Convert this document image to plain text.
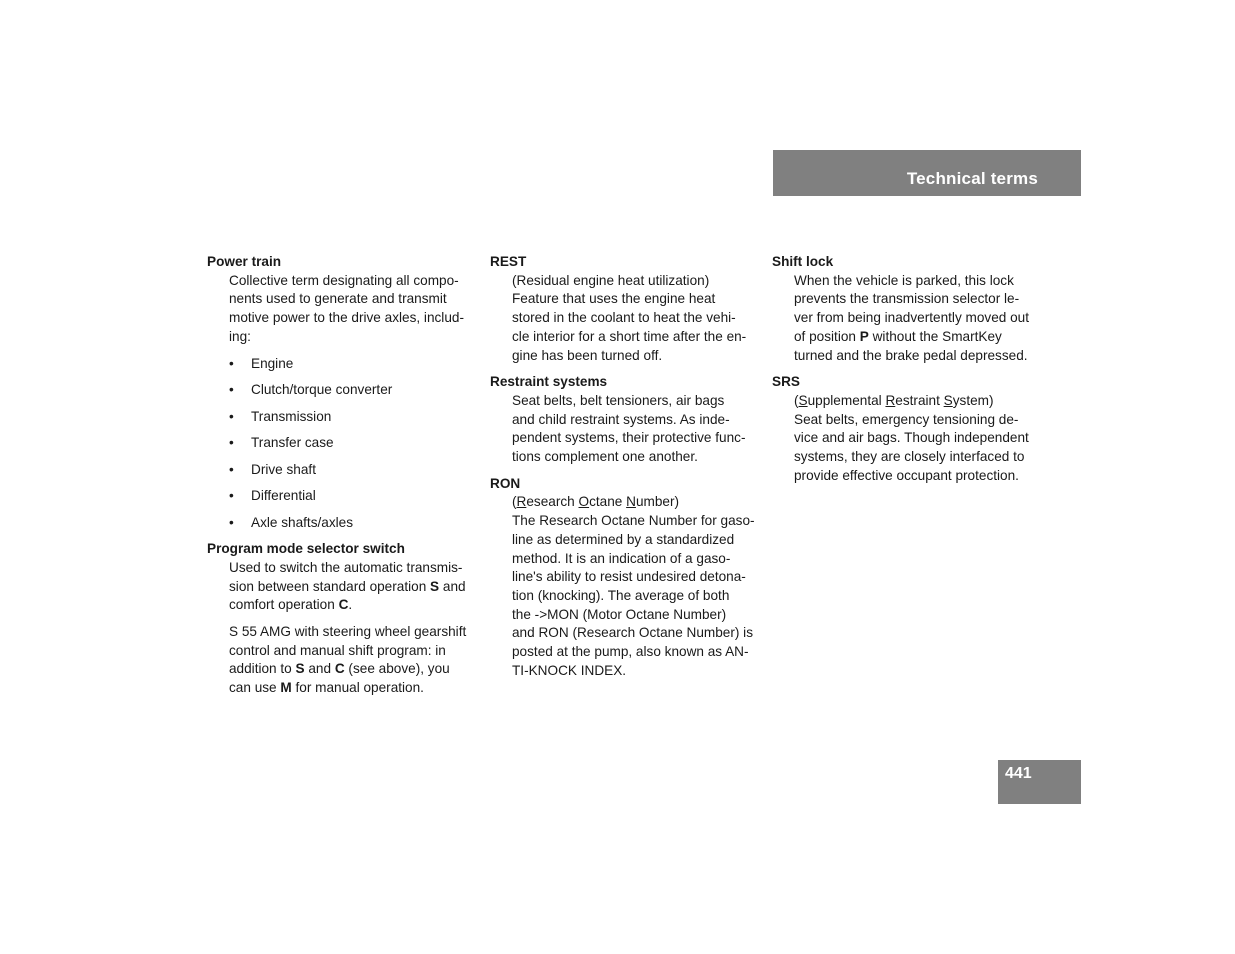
Technical terms

Power train

Collective term designating all compo-
nents used to generate and transmit
motive power to the drive axles, includ-
ing:
• Engine
• Clutch/torque converter
• Transmission
• Transfer case
• Drive shaft
• Differential
• Axle shafts/axles

Program mode selector switch

Used to switch the automatic transmis-
sion between standard operation S and
comfort operation C.

S 55 AMG with steering wheel gearshift
control and manual shift program: in
addition to S and C (see above), you
can use M for manual operation.

REST

(Residual engine heat utilization)
Feature that uses the engine heat
stored in the coolant to heat the vehi-
cle interior for a short time after the en-
gine has been turned off.

Restraint systems

Seat belts, belt tensioners, air bags
and child restraint systems. As inde-
pendent systems, their protective func-
tions complement one another.

RON

(Research Octane Number)
The Research Octane Number for gaso-
line as determined by a standardized
method. It is an indication of a gaso-
line's ability to resist undesired detona-
tion (knocking). The average of both
the ->MON (Motor Octane Number)
and RON (Research Octane Number) is
posted at the pump, also known as AN-
TI-KNOCK INDEX.

Shift lock

When the vehicle is parked, this lock
prevents the transmission selector le-
ver from being inadvertently moved out
of position P without the SmartKey
turned and the brake pedal depressed.

SRS

(Supplemental Restraint System)
Seat belts, emergency tensioning de-
vice and air bags. Though independent
systems, they are closely interfaced to
provide effective occupant protection.
441
